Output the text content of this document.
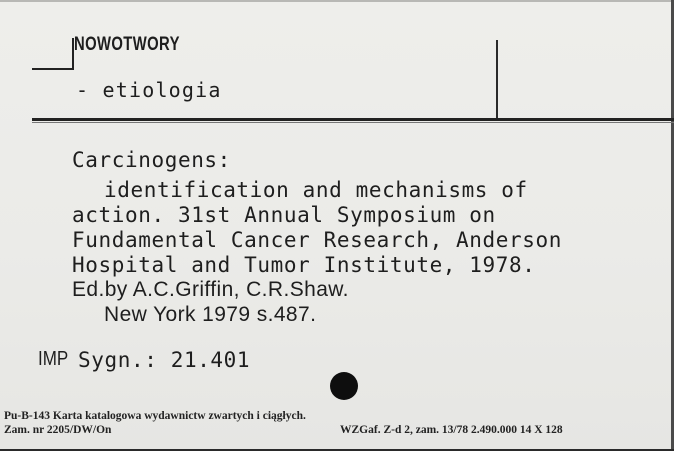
NOWOTWORY
- etiologia
Carcinogens:
identification and mechanisms of
action. 31st Annual Symposium on
Fundamental Cancer Research, Anderson
Hospital and Tumor Institute, 1978.
Ed.by A.C.Griffin, C.R.Shaw.
New York 1979 s.487.
IMP Sygn.: 21.401
Pu-B-143 Karta katalogowa wydawnictw zwartych i ciągłych.
Zam. nr 2205/DW/On	WZGaf. Z-d 2, zam. 13/78 2.490.000 14 X 128
